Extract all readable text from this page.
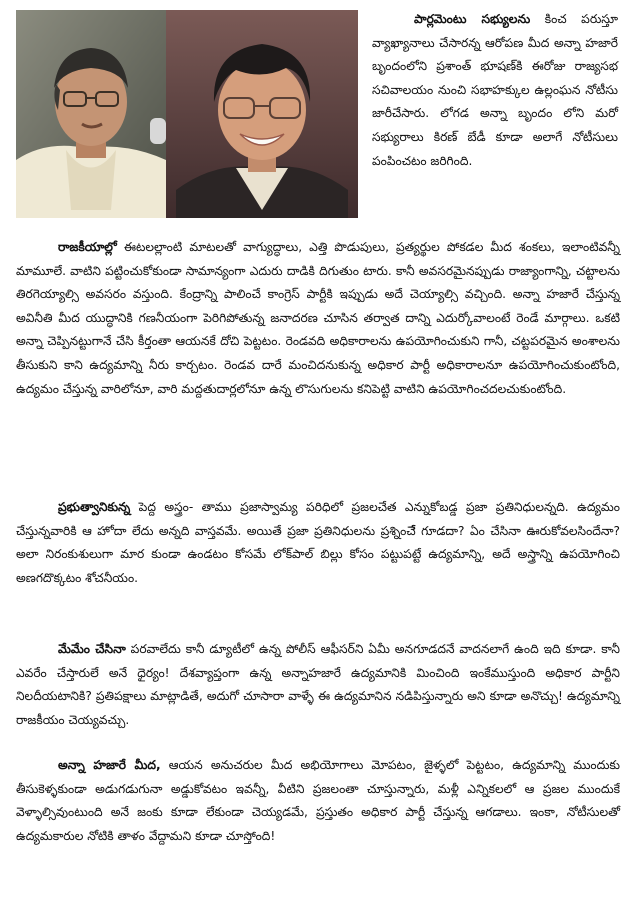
పార్లమెంటు సభ్యులను కించ పరుస్తూ వ్యాఖ్యానాలు చేసారన్న ఆరోపణ మీద అన్నా హజారే బృందంలోని ప్రశాంత్ భూషణ్‌కి ఈరోజు రాజ్యసభ సచివాలయం నుంచి సభాహక్కుల ఉల్లంఘన నోటీసు జారీచేసారు. లోగడ అన్నా బృందం లోని మరో సభ్యురాలు కిరణ్ బేడీ కూడా అలాగే నోటీసులు పంపించటం జరిగింది.
రాజకీయాల్లో ఈటలల్లాంటి మాటలతో వాగ్యుద్ధాలు, ఎత్తి పొడుపులు, ప్రత్యర్థుల పోకడల మీద శంకలు, ఇలాంటివన్నీ మామూలే. వాటిని పట్టించుకోకుండా సామాన్యంగా ఎదురు దాడికి దిగుతుం టారు. కానీ అవసరమైనప్పుడు రాజ్యాంగాన్ని, చట్టాలను తిరగెయ్యాల్సి అవసరం వస్తుంది. కేంద్రాన్ని పాలించే కాంగ్రెస్ పార్టీకి ఇప్పుడు అదే చెయ్యాల్సి వచ్చింది. అన్నా హజారే చేస్తున్న అవినీతి మీద యుద్ధానికి గణనీయంగా పెరిగిపోతున్న జనాదరణ చూసిన తర్వాత దాన్ని ఎదుర్కోవాలంటే రెండే మార్గాలు. ఒకటి అన్నా చెప్పినట్టుగానే చేసి కీర్తంతా ఆయనకే దోచి పెట్టటం. రెండవది అధికారాలను ఉపయోగించుకుని గానీ, చట్టపరమైన అంశాలను తీసుకుని కాని ఉద్యమాన్ని నీరు కార్చటం. రెండవ దారే మంచిదనుకున్న అధికార పార్టీ అధికారాలనూ ఉపయోగించుకుంటోంది, ఉద్యమం చేస్తున్న వారిలోనూ, వారి మద్దతుదార్లలోనూ ఉన్న లొసుగులను కనిపెట్టి వాటిని ఉపయోగించదలచుకుంటోంది.
ప్రభుత్వానికున్న పెద్ద అస్త్రం- తాము ప్రజాస్వామ్య పరిధిలో ప్రజలచేత ఎన్నుకోబడ్డ ప్రజా ప్రతినిధులన్నది. ఉద్యమం చేస్తున్నవారికి ఆ హోదా లేదు అన్నది వాస్తవమే. అయితే ప్రజా ప్రతినిధులను ప్రశ్నించేే గూడదా? ఏం చేసినా ఊరుకోవలసిందేనా? అలా నిరంకుశులుగా మార కుండా ఉండటం కోసమే లోక్‌పాల్ బిల్లు కోసం పట్టుపట్టే ఉద్యమాన్ని, అదే అస్త్రాన్ని ఉపయోగించి అణగదొక్కటం శోచనీయం.
మేమేం చేసినా పరవాలేదు కానీ డ్యూటీలో ఉన్న పోలీస్ ఆఫీసర్‌ని ఏమీ అనగూడదనే వాదనలాగే ఉంది ఇది కూడా. కానీ ఎవరేం చేస్తారులే అనే ధైర్యం! దేశవ్యాప్తంగా ఉన్న అన్నాహజారే ఉద్యమానికి మించింది ఇంకేముస్తుంది అధికార పార్టీని నిలదీయటానికి? ప్రతిపక్షాలు మాట్లాడితే, అదుగో చూసారా వాళ్ళే ఈ ఉద్యమానిన నడిపిస్తున్నారు అని కూడా అనొచ్చు! ఉద్యమాన్ని రాజకీయం చెయ్యవచ్చు.
అన్నా హజారే మీద, ఆయన అనుచరుల మీద అభియోగాలు మోపటం, జైళ్ళలో పెట్టటం, ఉద్యమాన్ని ముందుకు తీసుకెళ్ళకుండా అడుగడుగునా అడ్డుకోవటం ఇవన్నీ, వీటిని ప్రజలంతా చూస్తున్నారు, మళ్లీ ఎన్నికలలో ఆ ప్రజల ముందుకే వెళ్ళాల్సివుంటుంది అనే జంకు కూడా లేకుండా చెయ్యడమే, ప్రస్తుతం అధికార పార్టీ చేస్తున్న ఆగడాలు. ఇంకా, నోటీసులతో ఉద్యమకారుల నోటికి తాళం వేద్దామని కూడా చూస్తోంది!
